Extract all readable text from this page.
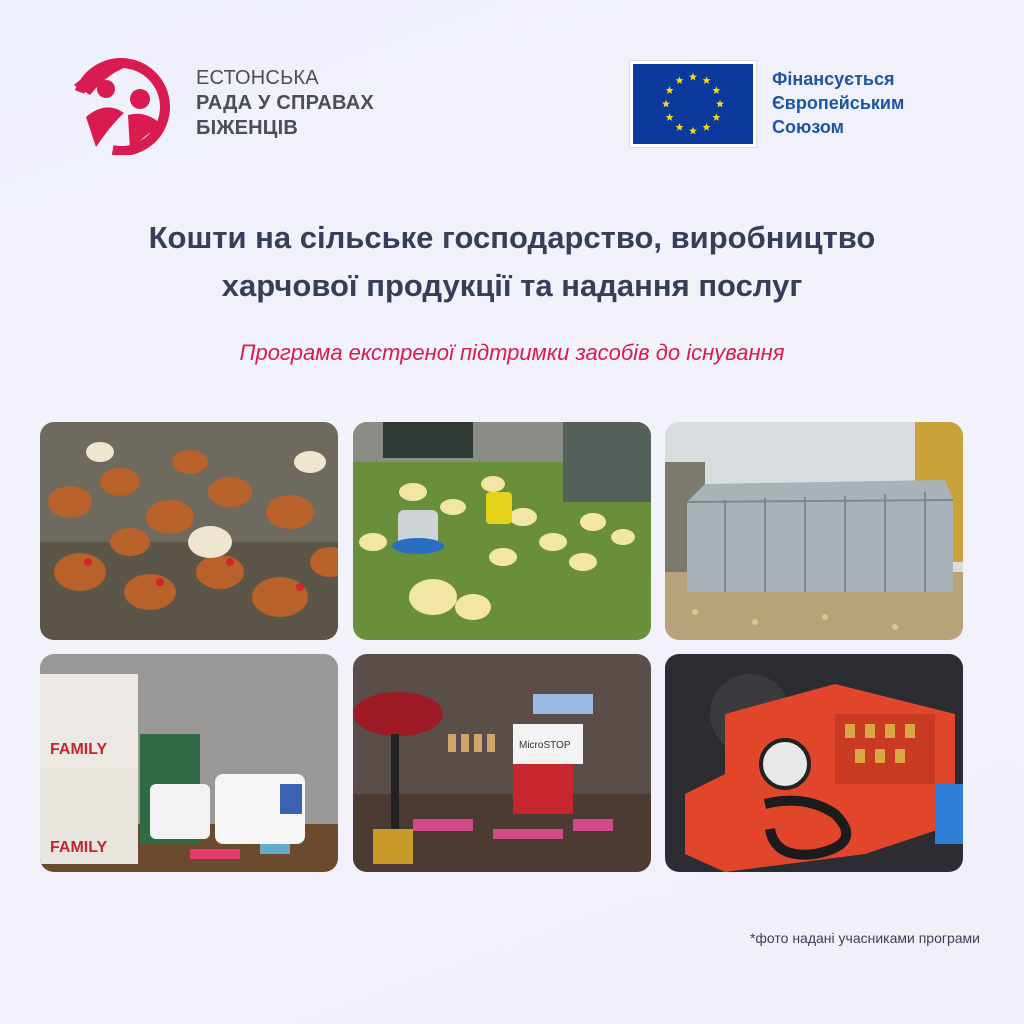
ЕСТОНСЬКА
РАДА У СПРАВАХ
БІЖЕНЦІВ
Фінансується
Європейським
Союзом
Кошти на сільське господарство, виробництво
харчової продукції та надання послуг
Програма екстреної підтримки засобів до існування
FAMILY
FAMILY
MicroSTOP
*фото надані учасниками програми
